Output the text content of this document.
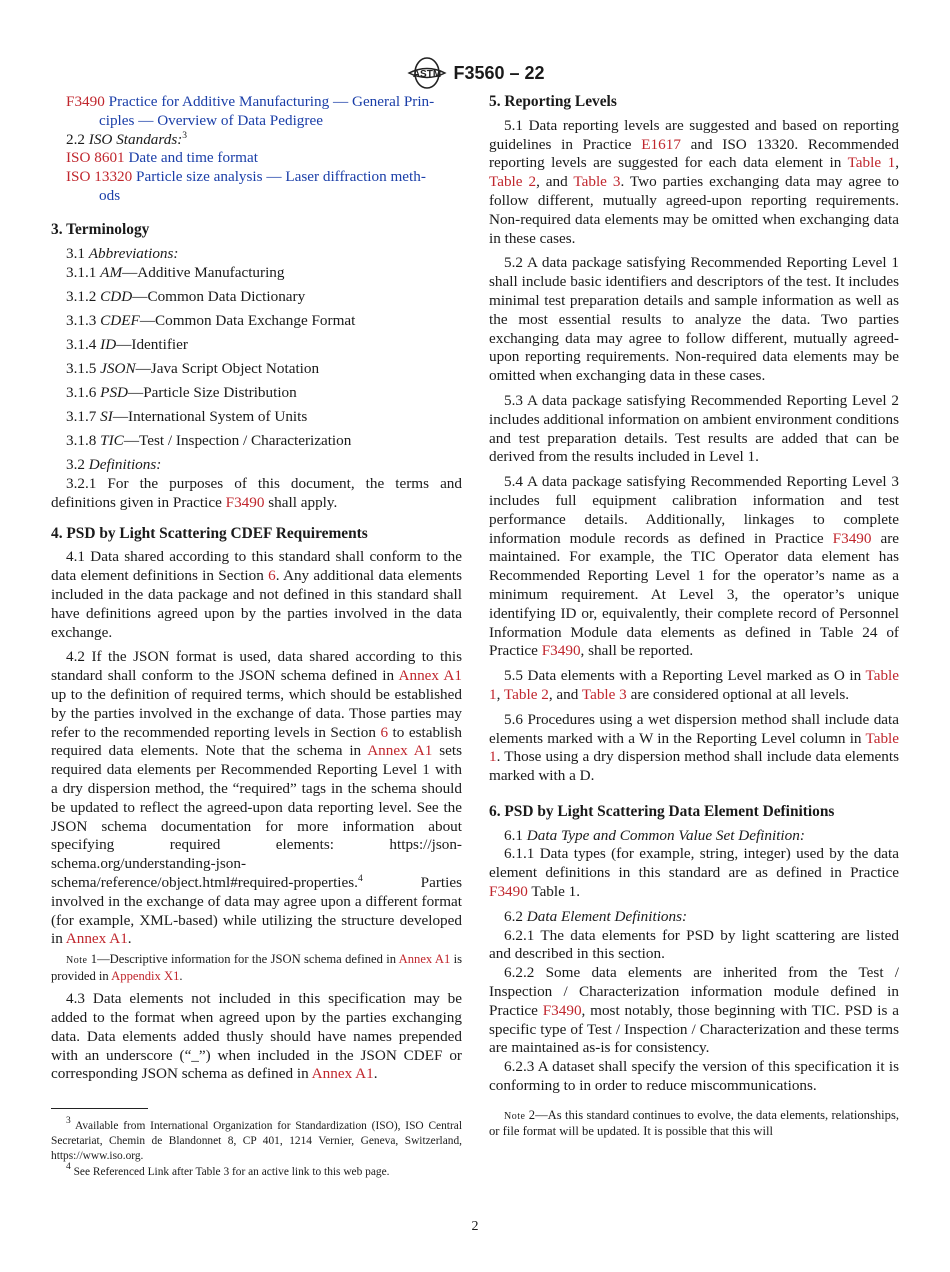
ASTM F3560 – 22

F3490 Practice for Additive Manufacturing — General Prin-
ciples — Overview of Data Pedigree

2.2 ISO Standards:$^3$

ISO 8601 Date and time format

ISO 13320 Particle size analysis — Laser diffraction meth-
ods

3. Terminology

3.1 Abbreviations:

3.1.1 AM—Additive Manufacturing

3.1.2 CDD—Common Data Dictionary

3.1.3 CDEF—Common Data Exchange Format

3.1.4 ID—Identifier

3.1.5 JSON—Java Script Object Notation

3.1.6 PSD—Particle Size Distribution

3.1.7 SI—International System of Units

3.1.8 TIC—Test / Inspection / Characterization

3.2 Definitions:

3.2.1 For the purposes of this document, the terms and definitions given in Practice F3490 shall apply.

4. PSD by Light Scattering CDEF Requirements

4.1 Data shared according to this standard shall conform to the data element definitions in Section 6. Any additional data elements included in the data package and not defined in this standard shall have definitions agreed upon by the parties involved in the data exchange.

4.2 If the JSON format is used, data shared according to this standard shall conform to the JSON schema defined in Annex A1 up to the definition of required terms, which should be established by the parties involved in the exchange of data. Those parties may refer to the recommended reporting levels in Section 6 to establish required data elements. Note that the schema in Annex A1 sets required data elements per Recommended Reporting Level 1 with a dry dispersion method, the “required” tags in the schema should be updated to reflect the agreed-upon data reporting level. See the JSON schema documentation for more information about specifying required elements: https://json-schema.org/understanding-json-schema/reference/object.html#required-properties.$^4$ Parties involved in the exchange of data may agree upon a different format (for example, XML-based) while utilizing the structure developed in Annex A1.

Note 1—Descriptive information for the JSON schema defined in Annex A1 is provided in Appendix X1.

4.3 Data elements not included in this specification may be added to the format when agreed upon by the parties exchanging data. Data elements added thusly should have names prepended with an underscore (“_”) when included in the JSON CDEF or corresponding JSON schema as defined in Annex A1.

$^3$ Available from International Organization for Standardization (ISO), ISO Central Secretariat, Chemin de Blandonnet 8, CP 401, 1214 Vernier, Geneva, Switzerland, https://www.iso.org.

$^4$ See Referenced Link after Table 3 for an active link to this web page.

5. Reporting Levels

5.1 Data reporting levels are suggested and based on reporting guidelines in Practice E1617 and ISO 13320. Recommended reporting levels are suggested for each data element in Table 1, Table 2, and Table 3. Two parties exchanging data may agree to follow different, mutually agreed-upon reporting requirements. Non-required data elements may be omitted when exchanging data in these cases.

5.2 A data package satisfying Recommended Reporting Level 1 shall include basic identifiers and descriptors of the test. It includes minimal test preparation details and sample information as well as the most essential results to analyze the data. Two parties exchanging data may agree to follow different, mutually agreed-upon reporting requirements. Non-required data elements may be omitted when exchanging data in these cases.

5.3 A data package satisfying Recommended Reporting Level 2 includes additional information on ambient environment conditions and test preparation details. Test results are added that can be derived from the results included in Level 1.

5.4 A data package satisfying Recommended Reporting Level 3 includes full equipment calibration information and test performance details. Additionally, linkages to complete information module records as defined in Practice F3490 are maintained. For example, the TIC Operator data element has Recommended Reporting Level 1 for the operator’s name as a minimum requirement. At Level 3, the operator’s unique identifying ID or, equivalently, their complete record of Personnel Information Module data elements as defined in Table 24 of Practice F3490, shall be reported.

5.5 Data elements with a Reporting Level marked as O in Table 1, Table 2, and Table 3 are considered optional at all levels.

5.6 Procedures using a wet dispersion method shall include data elements marked with a W in the Reporting Level column in Table 1. Those using a dry dispersion method shall include data elements marked with a D.

6. PSD by Light Scattering Data Element Definitions

6.1 Data Type and Common Value Set Definition:

6.1.1 Data types (for example, string, integer) used by the data element definitions in this standard are as defined in Practice F3490 Table 1.

6.2 Data Element Definitions:

6.2.1 The data elements for PSD by light scattering are listed and described in this section.

6.2.2 Some data elements are inherited from the Test / Inspection / Characterization information module defined in Practice F3490, most notably, those beginning with TIC. PSD is a specific type of Test / Inspection / Characterization and these terms are maintained as-is for consistency.

6.2.3 A dataset shall specify the version of this specification it is conforming to in order to reduce miscommunications.

Note 2—As this standard continues to evolve, the data elements, relationships, or file format will be updated. It is possible that this will

2
